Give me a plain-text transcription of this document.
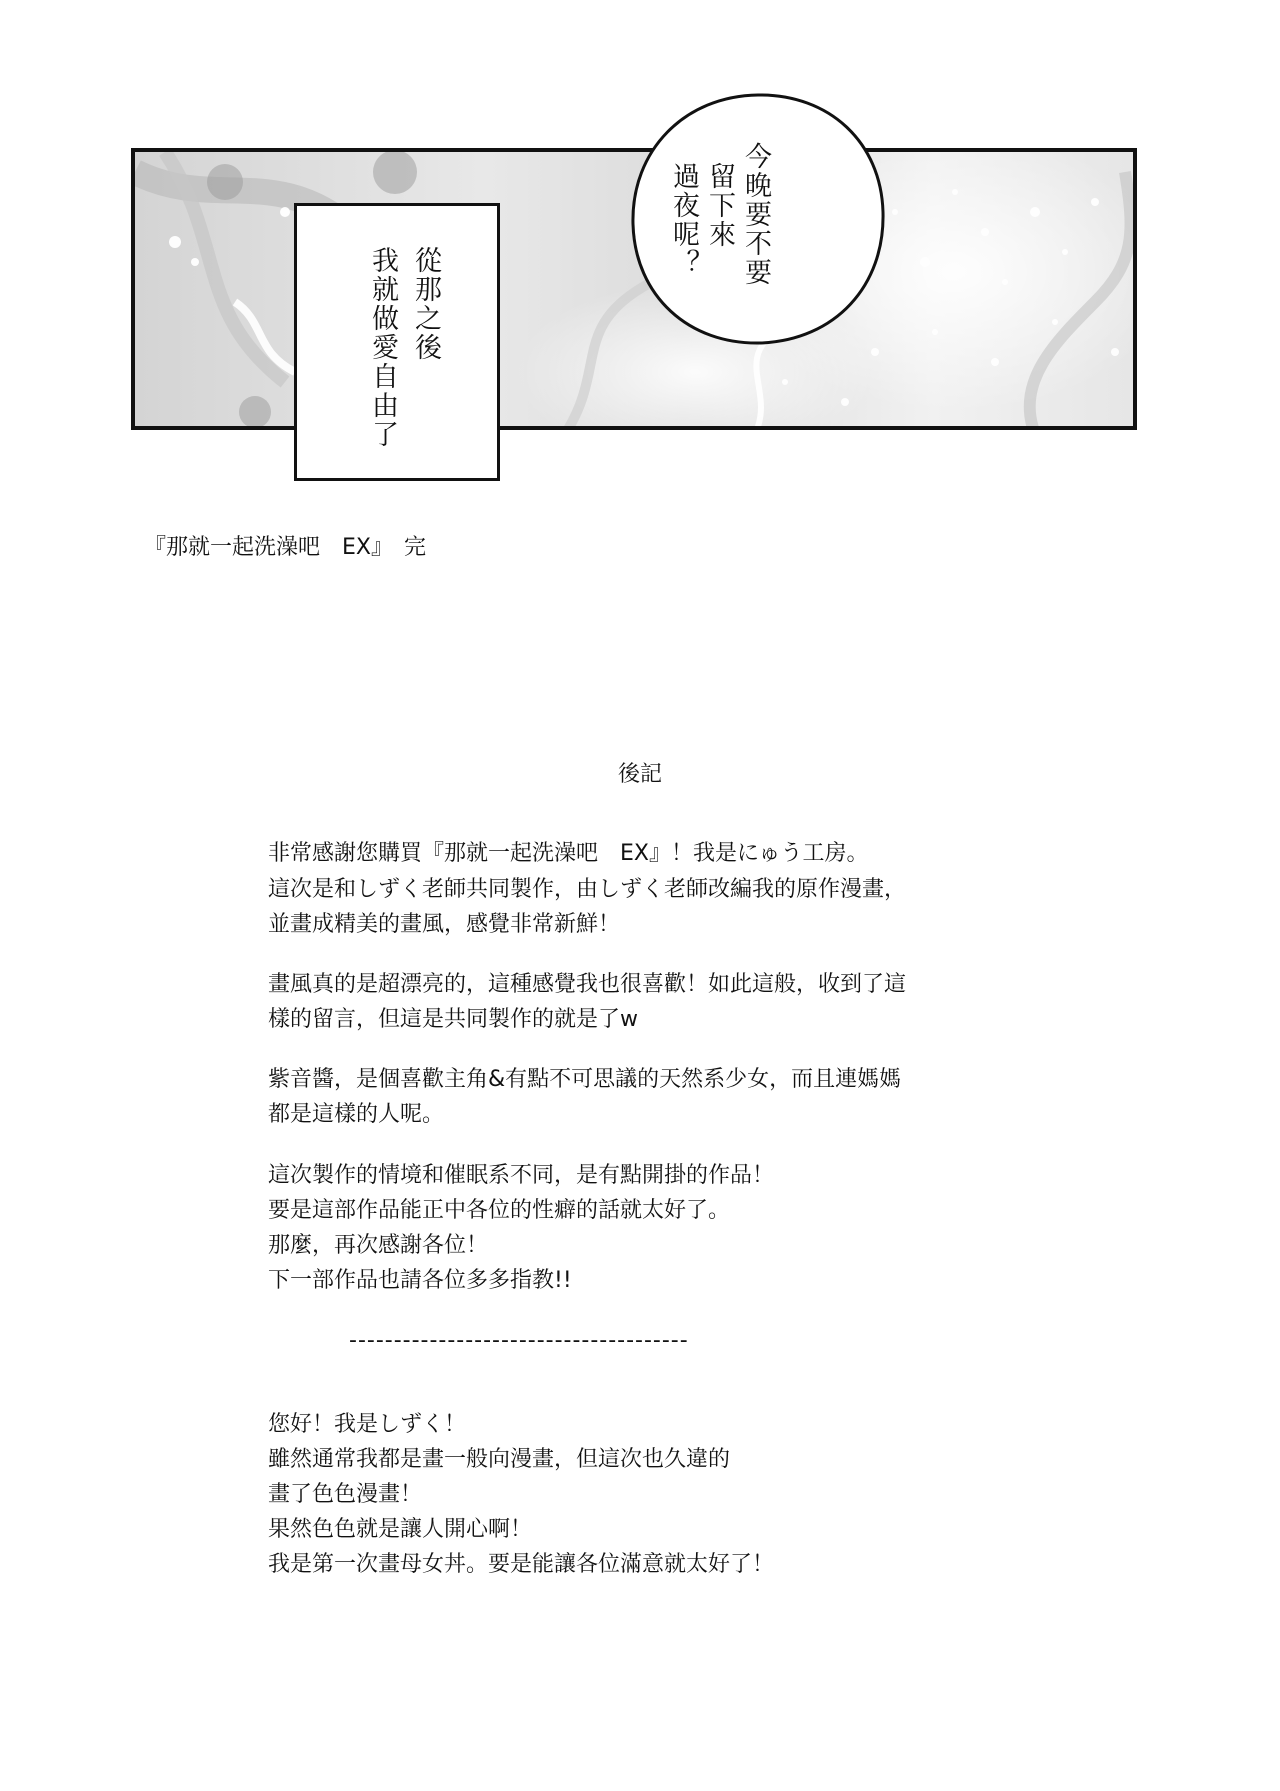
從那之後
我就做愛自由了
今晚要不要
留下來
過夜呢？
『那就一起洗澡吧　EX』　完
後記
非常感謝您購買『那就一起洗澡吧　EX』！我是にゅう工房。
這次是和しずく老師共同製作，由しずく老師改編我的原作漫畫，
並畫成精美的畫風，感覺非常新鮮！
畫風真的是超漂亮的，這種感覺我也很喜歡！如此這般，收到了這
樣的留言，但這是共同製作的就是了w
紫音醬，是個喜歡主角&有點不可思議的天然系少女，而且連媽媽
都是這樣的人呢。
這次製作的情境和催眠系不同，是有點開掛的作品！
要是這部作品能正中各位的性癖的話就太好了。
那麼，再次感謝各位！
下一部作品也請各位多多指教!!
--------------------------------------
您好！我是しずく！
雖然通常我都是畫一般向漫畫，但這次也久違的
畫了色色漫畫！
果然色色就是讓人開心啊！
我是第一次畫母女丼。要是能讓各位滿意就太好了！
